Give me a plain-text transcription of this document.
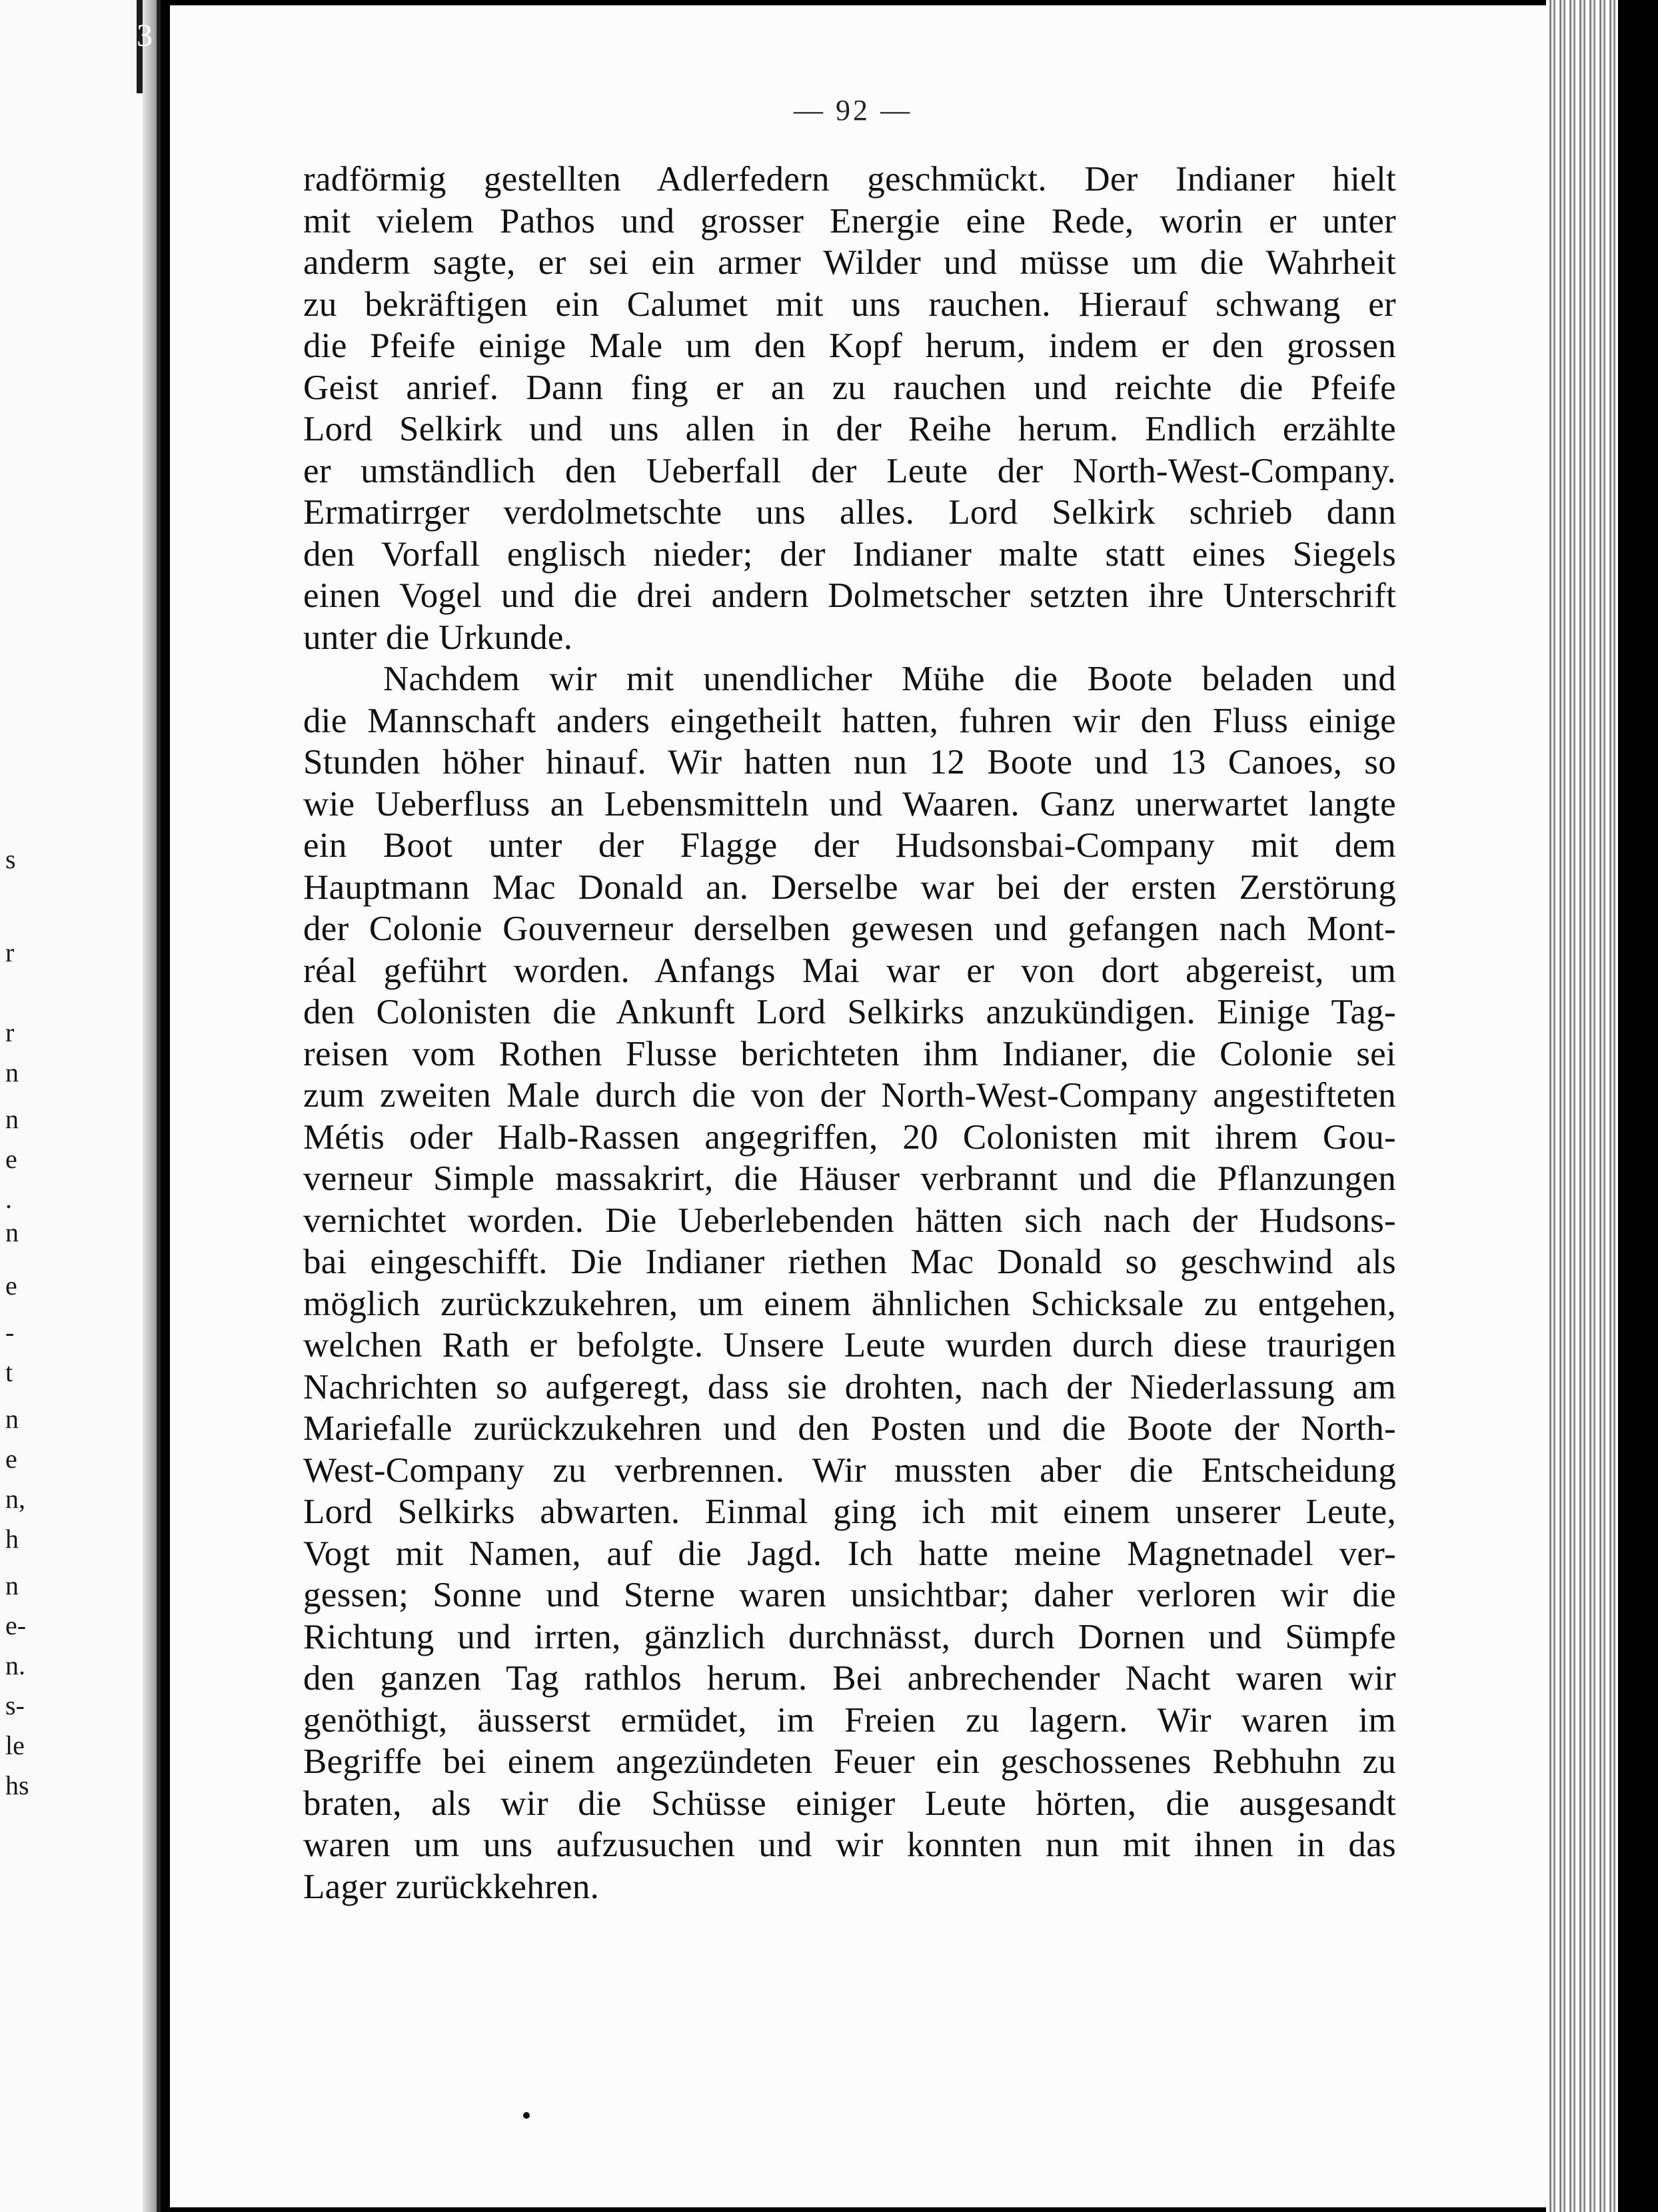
3
s
r
r
n
n
e
.
n
e
-
t
n
e
n,
h
n
e-
n.
s-
le
hs
— 92 —
radförmig gestellten Adlerfedern geschmückt. Der Indianer hielt
mit vielem Pathos und grosser Energie eine Rede, worin er unter
anderm sagte, er sei ein armer Wilder und müsse um die Wahrheit
zu bekräftigen ein Calumet mit uns rauchen. Hierauf schwang er
die Pfeife einige Male um den Kopf herum, indem er den grossen
Geist anrief. Dann fing er an zu rauchen und reichte die Pfeife
Lord Selkirk und uns allen in der Reihe herum. Endlich erzählte
er umständlich den Ueberfall der Leute der North-West-Company.
Ermatirrger verdolmetschte uns alles. Lord Selkirk schrieb dann
den Vorfall englisch nieder; der Indianer malte statt eines Siegels
einen Vogel und die drei andern Dolmetscher setzten ihre Unterschrift
unter die Urkunde.
Nachdem wir mit unendlicher Mühe die Boote beladen und
die Mannschaft anders eingetheilt hatten, fuhren wir den Fluss einige
Stunden höher hinauf. Wir hatten nun 12 Boote und 13 Canoes, so
wie Ueberfluss an Lebensmitteln und Waaren. Ganz unerwartet langte
ein Boot unter der Flagge der Hudsonsbai-Company mit dem
Hauptmann Mac Donald an. Derselbe war bei der ersten Zerstörung
der Colonie Gouverneur derselben gewesen und gefangen nach Mont-
réal geführt worden. Anfangs Mai war er von dort abgereist, um
den Colonisten die Ankunft Lord Selkirks anzukündigen. Einige Tag-
reisen vom Rothen Flusse berichteten ihm Indianer, die Colonie sei
zum zweiten Male durch die von der North-West-Company angestifteten
Métis oder Halb-Rassen angegriffen, 20 Colonisten mit ihrem Gou-
verneur Simple massakrirt, die Häuser verbrannt und die Pflanzungen
vernichtet worden. Die Ueberlebenden hätten sich nach der Hudsons-
bai eingeschifft. Die Indianer riethen Mac Donald so geschwind als
möglich zurückzukehren, um einem ähnlichen Schicksale zu entgehen,
welchen Rath er befolgte. Unsere Leute wurden durch diese traurigen
Nachrichten so aufgeregt, dass sie drohten, nach der Niederlassung am
Mariefalle zurückzukehren und den Posten und die Boote der North-
West-Company zu verbrennen. Wir mussten aber die Entscheidung
Lord Selkirks abwarten. Einmal ging ich mit einem unserer Leute,
Vogt mit Namen, auf die Jagd. Ich hatte meine Magnetnadel ver-
gessen; Sonne und Sterne waren unsichtbar; daher verloren wir die
Richtung und irrten, gänzlich durchnässt, durch Dornen und Sümpfe
den ganzen Tag rathlos herum. Bei anbrechender Nacht waren wir
genöthigt, äusserst ermüdet, im Freien zu lagern. Wir waren im
Begriffe bei einem angezündeten Feuer ein geschossenes Rebhuhn zu
braten, als wir die Schüsse einiger Leute hörten, die ausgesandt
waren um uns aufzusuchen und wir konnten nun mit ihnen in das
Lager zurückkehren.
